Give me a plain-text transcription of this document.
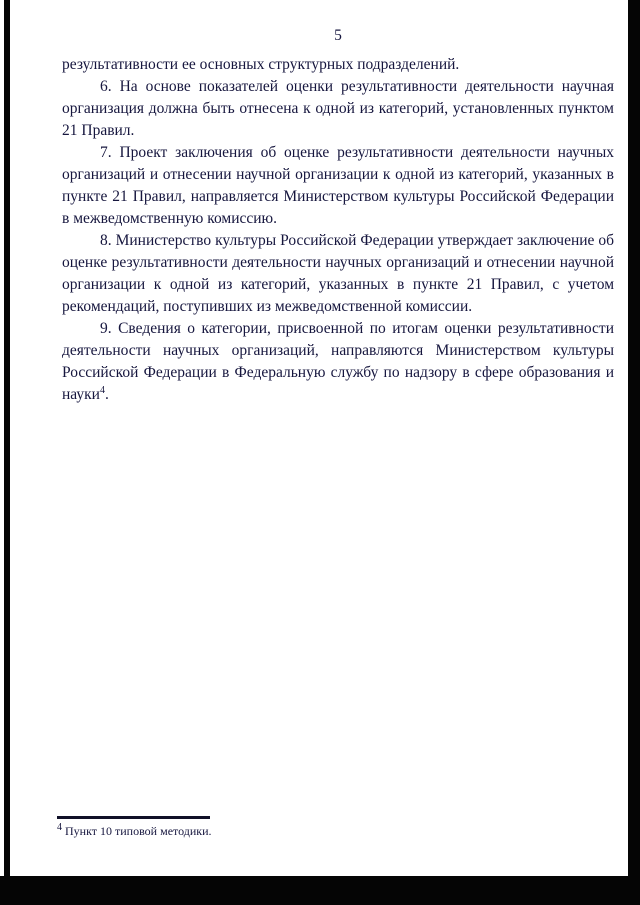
5

результативности ее основных структурных подразделений.

6. На основе показателей оценки результативности деятельности научная организация должна быть отнесена к одной из категорий, установленных пунктом 21 Правил.

7. Проект заключения об оценке результативности деятельности научных организаций и отнесении научной организации к одной из категорий, указанных в пункте 21 Правил, направляется Министерством культуры Российской Федерации в межведомственную комиссию.

8. Министерство культуры Российской Федерации утверждает заключение об оценке результативности деятельности научных организаций и отнесении научной организации к одной из категорий, указанных в пункте 21 Правил, с учетом рекомендаций, поступивших из межведомственной комиссии.

9. Сведения о категории, присвоенной по итогам оценки результативности деятельности научных организаций, направляются Министерством культуры Российской Федерации в Федеральную службу по надзору в сфере образования и науки$^4$.

$^4$ Пункт 10 типовой методики.
